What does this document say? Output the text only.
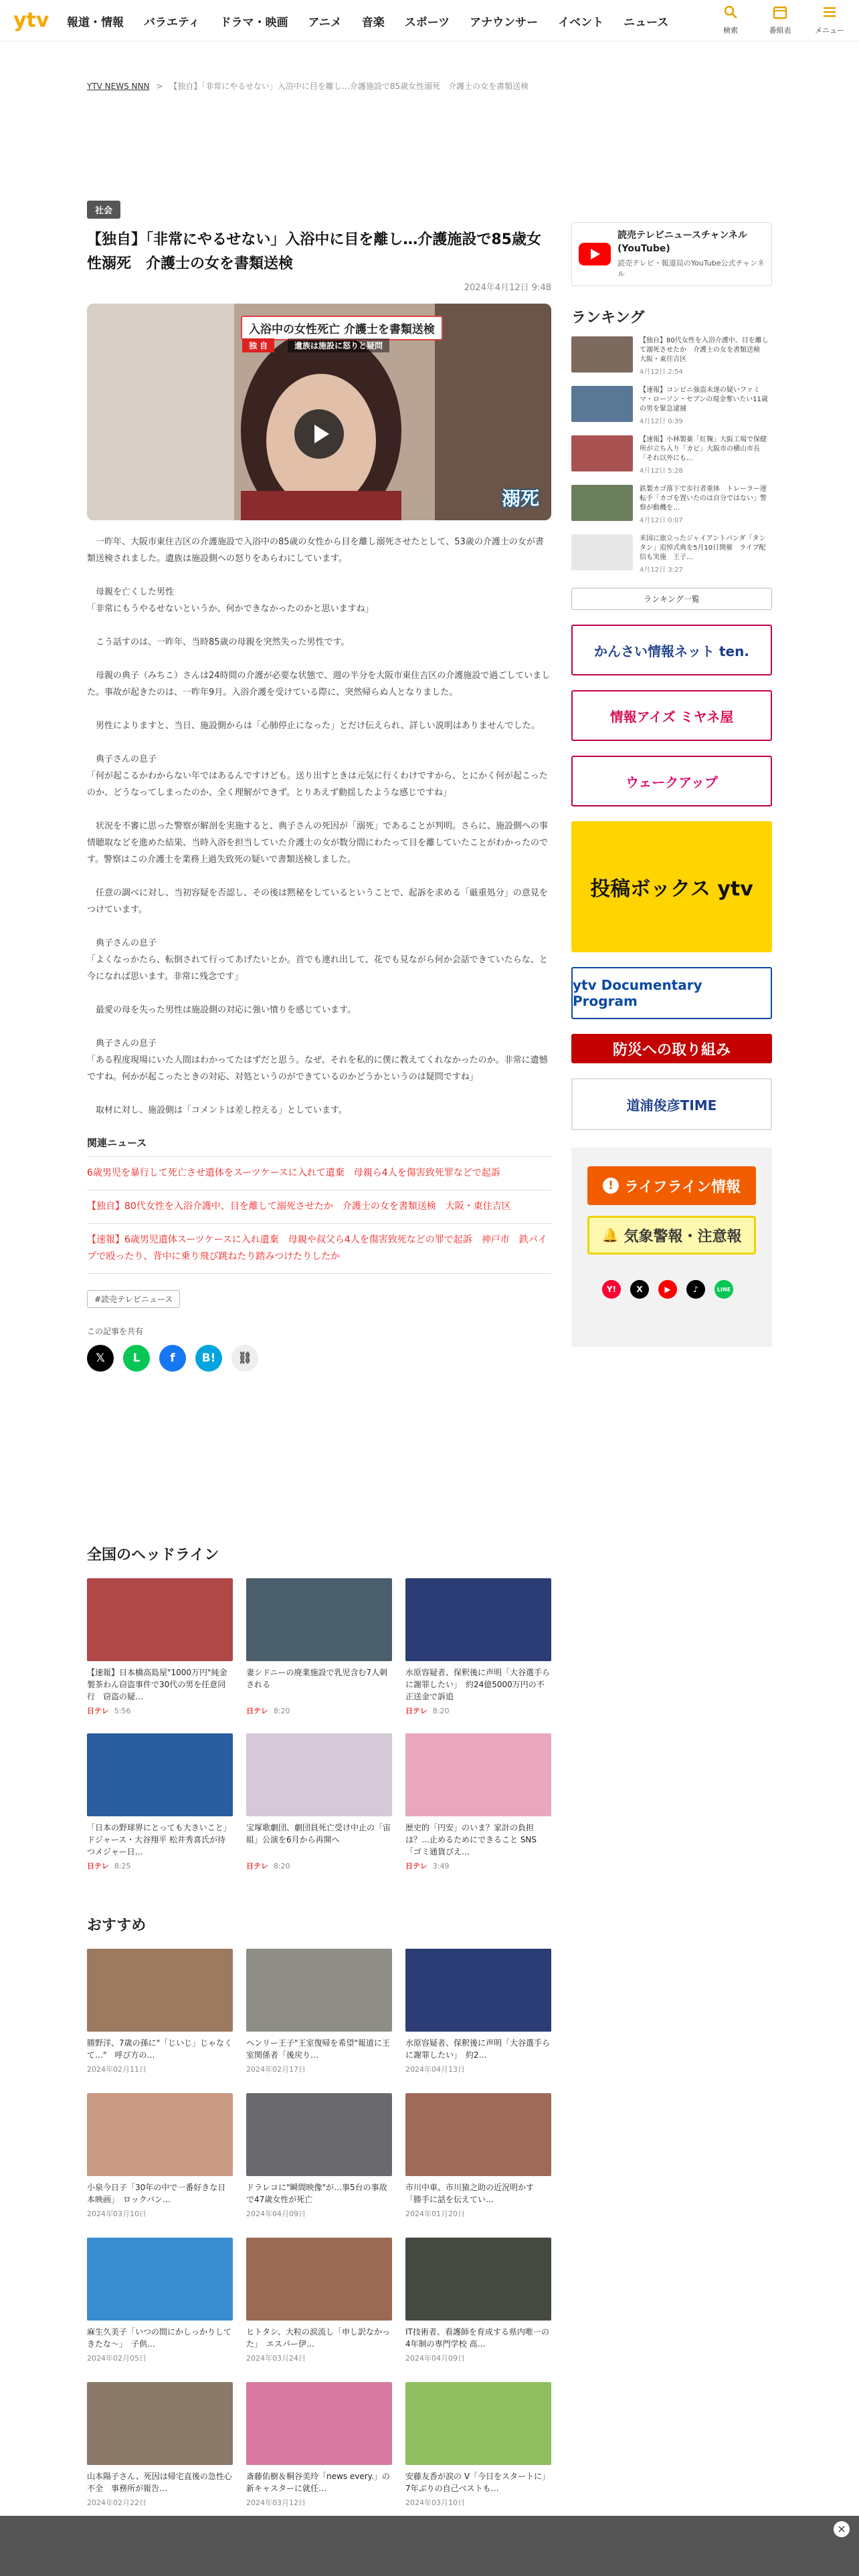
ytv 報道・情報 バラエティ ドラマ・映画 アニメ 音楽 スポーツ アナウンサー イベント ニュース
検索	番組表	メニュー
YTV NEWS NNN > 【独自】「非常にやるせない」入浴中に目を離し…介護施設で85歳女性溺死　介護士の女を書類送検
社会
【独自】「非常にやるせない」入浴中に目を離し…介護施設で85歳女性溺死　介護士の女を書類送検
2024年4月12日 9:48
入浴中の女性死亡 介護士を書類送検
独 自	遺族は施設に怒りと疑問
溺死

一昨年、大阪市東住吉区の介護施設で入浴中の85歳の女性から目を離し溺死させたとして、53歳の介護士の女が書類送検されました。遺族は施設側への怒りをあらわにしています。

母親を亡くした男性
「非常にもうやるせないというか、何かできなかったのかと思いますね」

こう話すのは、一昨年、当時85歳の母親を突然失った男性です。

母親の典子（みちこ）さんは24時間の介護が必要な状態で、週の半分を大阪市東住吉区の介護施設で過ごしていました。事故が起きたのは、一昨年9月。入浴介護を受けている際に、突然帰らぬ人となりました。

男性によりますと、当日、施設側からは「心肺停止になった」とだけ伝えられ、詳しい説明はありませんでした。

典子さんの息子
「何が起こるかわからない年ではあるんですけども。送り出すときは元気に行くわけですから、とにかく何が起こったのか、どうなってしまったのか、全く理解ができず。とりあえず動揺したような感じですね」

状況を不審に思った警察が解剖を実施すると、典子さんの死因が「溺死」であることが判明。さらに、施設側への事情聴取などを進めた結果、当時入浴を担当していた介護士の女が数分間にわたって目を離していたことがわかったのです。警察はこの介護士を業務上過失致死の疑いで書類送検しました。

任意の調べに対し、当初容疑を否認し、その後は黙秘をしているということで、起訴を求める「厳重処分」の意見をつけています。

典子さんの息子
「よくなっかたら、転倒されて行ってあげたいとか。首でも連れ出して、花でも見ながら何か会話できていたらな、と今になれば思います。非常に残念です」

最愛の母を失った男性は施設側の対応に強い憤りを感じています。

典子さんの息子
「ある程度現場にいた人間はわかってたはずだと思う。なぜ、それを私的に僕に教えてくれなかったのか。非常に遺憾ですね。何かが起こったときの対応、対処というのができているのかどうかというのは疑問ですね」

取材に対し、施設側は「コメントは差し控える」としています。

関連ニュース
6歳男児を暴行して死亡させ遺体をスーツケースに入れて遺棄　母親ら4人を傷害致死罪などで起訴
【独自】80代女性を入浴介護中、目を離して溺死させたか　介護士の女を書類送検　大阪・東住吉区
【速報】6歳男児遺体スーツケースに入れ遺棄　母親や叔父ら4人を傷害致死などの罪で起訴　神戸市　鉄パイプで殴ったり、背中に乗り飛び跳ねたり踏みつけたりしたか
#読売テレビニュース
この記事を共有
𝕏	L	f	B!	⛓
読売テレビニュースチャンネル(YouTube)
読売テレビ・報道局のYouTube公式チャンネル
ランキング
【独自】80代女性を入浴介護中、目を離して溺死させたか　介護士の女を書類送検　大阪・東住吉区
4月12日 2:54
【速報】コンビニ強盗未遂の疑いファミマ・ローソン・セブンの現金奪いたい11歳の男を緊急逮捕
4月12日 0:39
【速報】小林製薬「紅麹」大阪工場で保健所が立ち入り「カビ」大阪市の横山市長「それ以外にも…
4月12日 5:28
鉄製カゴ落下で歩行者重体　トレーラー運転手「カゴを置いたのは自分ではない」警察が動機を…
4月12日 0:07
米国に旅立ったジャイアントパンダ「タンタン」追悼式典を5月10日開催　ライブ配信も実施　王子…
4月12日 3:27
ランキング一覧
かんさい情報ネット ten.
情報アイズ ミヤネ屋
ウェークアップ
投稿ボックス ytv
ytv Documentary Program
防災への取り組み
道浦俊彦TIME
! ライフライン情報
🔔 気象警報・注意報
Y!	X	▶	♪	LINE
全国のヘッドライン
【速報】日本橋高島屋"1000万円"純金製茶わん窃盗事件で30代の男を任意同行　窃盗の疑…
日テレ 5:56
妻シドニーの廃業施設で乳児含む7人刺される
日テレ 8:20
水原容疑者、保釈後に声明「大谷選手らに謝罪したい」　約24億5000万円の不正送金で訴追
日テレ 8:20
「日本の野球界にとっても大きいこと」ドジャース・大谷翔平 松井秀喜氏が待つメジャー日…
日テレ 8:25
宝塚歌劇団、劇団員死亡受け中止の「宙組」公演を6月から再開へ
日テレ 8:20
歴史的「円安」のいま？家計の負担は？…止めるためにできること SNS「ゴミ通貨びえ…
日テレ 3:49
おすすめ
勝野洋、7歳の孫に"「じいじ」じゃなくて…"　呼び方の…
2024年02月11日
ヘンリー王子"王室復帰を希望"報道に王室関係者「後戻り…
2024年02月17日
水原容疑者、保釈後に声明「大谷選手らに謝罪したい」　約2…
2024年04月13日
小泉今日子「30年の中で一番好きな日本映画」　ロックバン…
2024年03月10日
ドラレコに"瞬間映像"が…事5台の事故で47歳女性が死亡
2024年04月09日
市川中車、市川猿之助の近況明かす　「勝手に話を伝えてい…
2024年01月20日
麻生久美子「いつの間にかしっかりしてきたな～」　子供…
2024年02月05日
ヒトタシ、大粒の涙流し「申し訳なかった」　エスパー伊…
2024年03月24日
IT技術者、看護師を育成する県内唯一の4年制の専門学校 高…
2024年04月09日
山本陽子さん、死因は帰宅直後の急性心不全　事務所が報告…
2024年02月22日
斎藤佑樹＆桐谷美玲「news every.」の新キャスターに就任…
2024年03月12日
安藤友香が涙の V「今日をスタートに」7年ぶりの自己ベストも…
2024年03月10日
×
